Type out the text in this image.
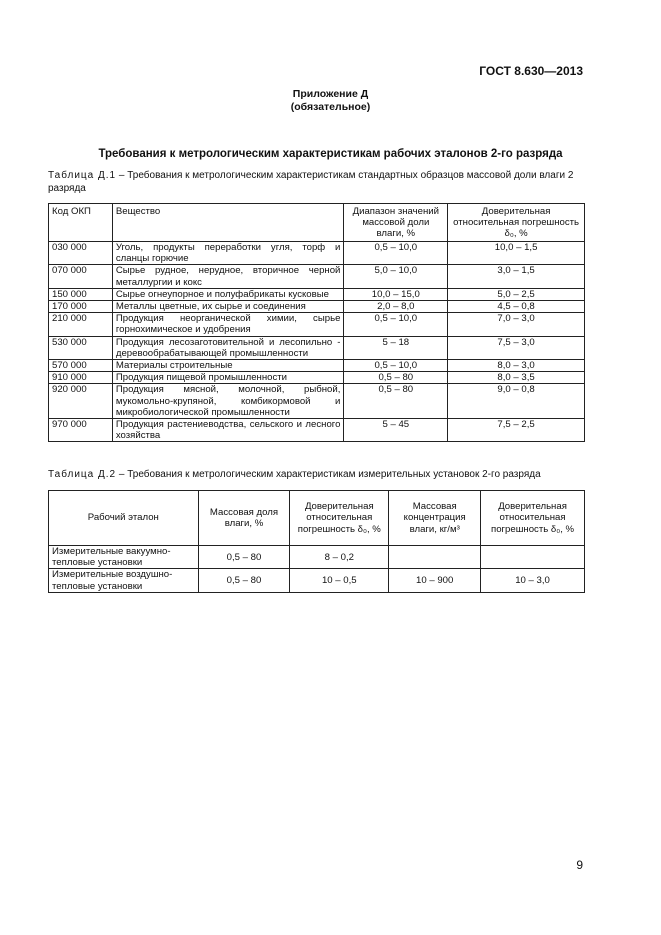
ГОСТ 8.630—2013
Приложение Д
(обязательное)
Требования к метрологическим характеристикам рабочих эталонов 2-го разряда
Таблица Д.1 – Требования к метрологическим характеристикам стандартных образцов массовой доли влаги 2 разряда
Код ОКП	Вещество	Диапазон значений массовой доли влаги, %	Доверительная относительная погрешность δ₀, %
030 000	Уголь, продукты переработки угля, торф и сланцы горючие	0,5 – 10,0	10,0 – 1,5
070 000	Сырье рудное, нерудное, вторичное черной металлургии и кокс	5,0 – 10,0	3,0 – 1,5
150 000	Сырье огнеупорное и полуфабрикаты кусковые	10,0 – 15,0	5,0 – 2,5
170 000	Металлы цветные, их сырье и соединения	2,0 – 8,0	4,5 – 0,8
210 000	Продукция неорганической химии, сырье горнохимическое и удобрения	0,5 – 10,0	7,0 – 3,0
530 000	Продукция лесозаготовительной и лесопильно - деревообрабатывающей промышленности	5 – 18	7,5 – 3,0
570 000	Материалы строительные	0,5 – 10,0	8,0 – 3,0
910 000	Продукция пищевой промышленности	0,5 – 80	8,0 – 3,5
920 000	Продукция мясной, молочной, рыбной, мукомольно-крупяной, комбикормовой и микробиологической промышленности	0,5 – 80	9,0 – 0,8
970 000	Продукция растениеводства, сельского и лесного хозяйства	5 – 45	7,5 – 2,5
Таблица Д.2 – Требования к метрологическим характеристикам измерительных установок 2-го разряда
Рабочий эталон	Массовая доля влаги, %	Доверительная относительная погрешность δ₀, %	Массовая концентрация влаги, кг/м³	Доверительная относительная погрешность δ₀, %
Измерительные вакуумно-тепловые установки	0,5 – 80	8 – 0,2		
Измерительные воздушно-тепловые установки	0,5 – 80	10 – 0,5	10 – 900	10 – 3,0
9
